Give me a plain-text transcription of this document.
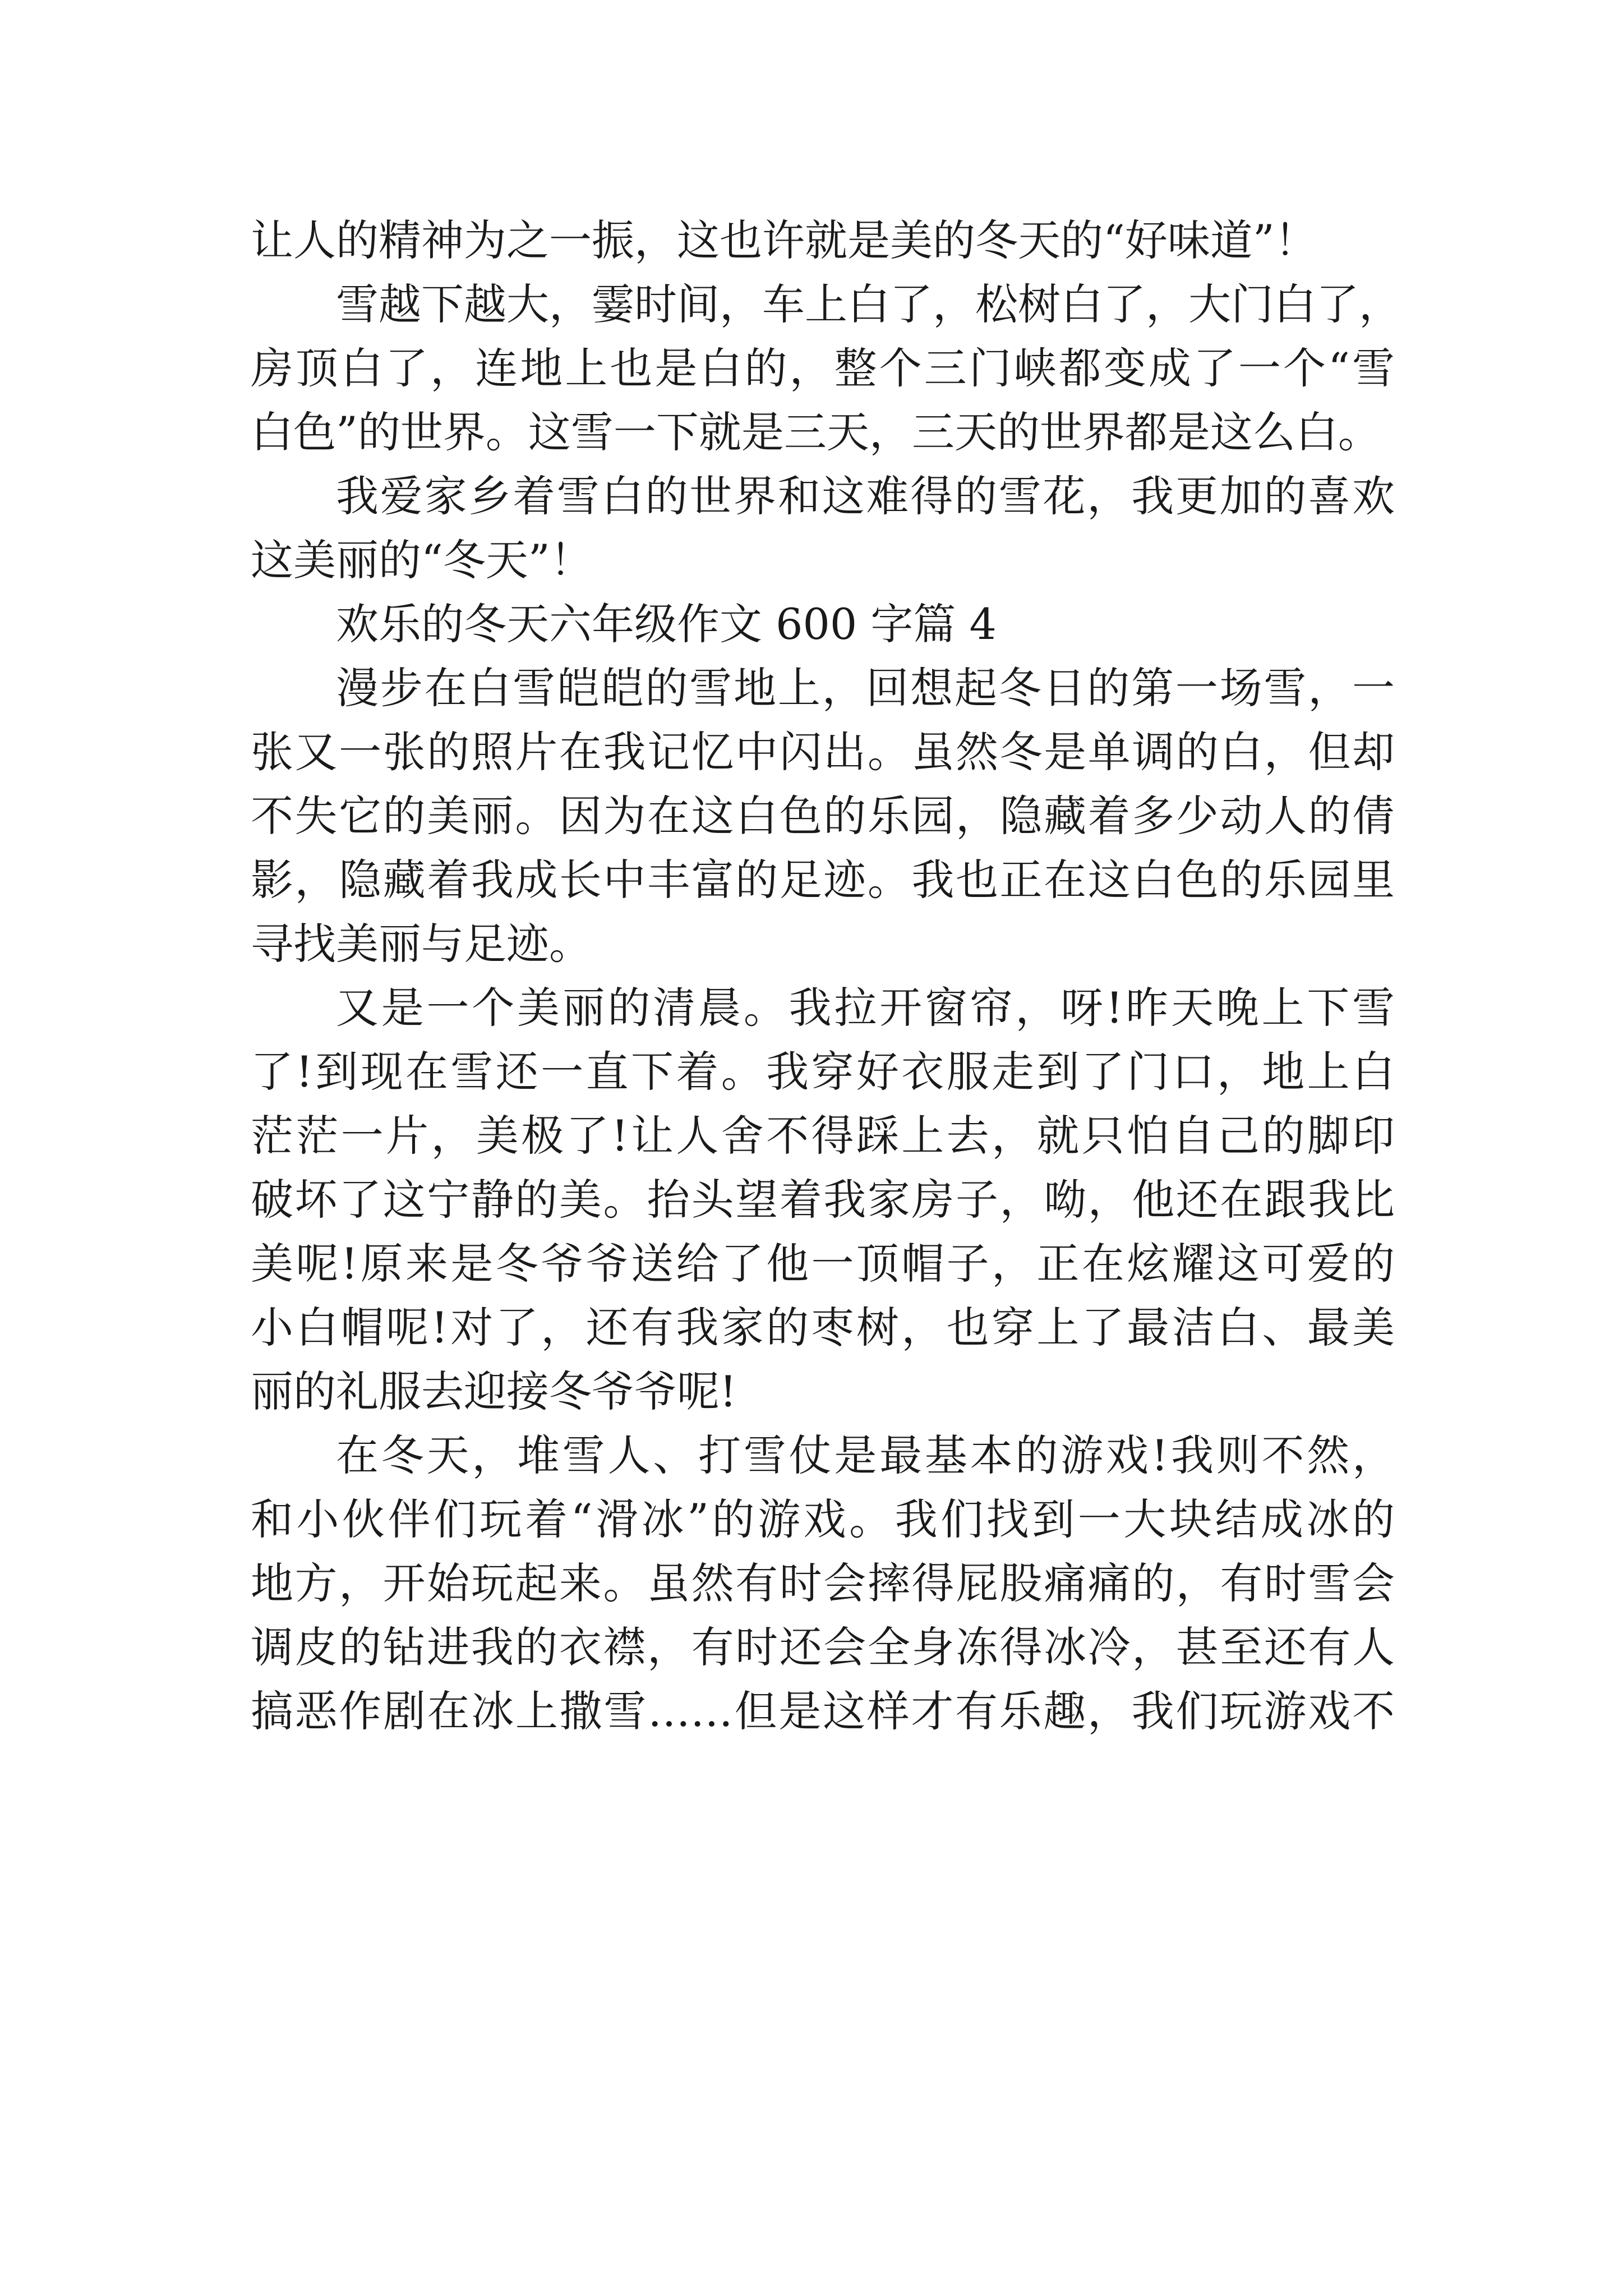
让人的精神为之一振，这也许就是美的冬天的“好味道”！
雪越下越大，霎时间，车上白了，松树白了，大门白了，
房顶白了，连地上也是白的，整个三门峡都变成了一个“雪
白色”的世界。这雪一下就是三天，三天的世界都是这么白。
我爱家乡着雪白的世界和这难得的雪花，我更加的喜欢
这美丽的“冬天”！
欢乐的冬天六年级作文 600 字篇 4
漫步在白雪皑皑的雪地上，回想起冬日的第一场雪，一
张又一张的照片在我记忆中闪出。虽然冬是单调的白，但却
不失它的美丽。因为在这白色的乐园，隐藏着多少动人的倩
影，隐藏着我成长中丰富的足迹。我也正在这白色的乐园里
寻找美丽与足迹。
又是一个美丽的清晨。我拉开窗帘，呀!昨天晚上下雪
了!到现在雪还一直下着。我穿好衣服走到了门口，地上白
茫茫一片，美极了!让人舍不得踩上去，就只怕自己的脚印
破坏了这宁静的美。抬头望着我家房子，呦，他还在跟我比
美呢!原来是冬爷爷送给了他一顶帽子，正在炫耀这可爱的
小白帽呢!对了，还有我家的枣树，也穿上了最洁白、最美
丽的礼服去迎接冬爷爷呢!
在冬天，堆雪人、打雪仗是最基本的游戏!我则不然，
和小伙伴们玩着“滑冰”的游戏。我们找到一大块结成冰的
地方，开始玩起来。虽然有时会摔得屁股痛痛的，有时雪会
调皮的钻进我的衣襟，有时还会全身冻得冰冷，甚至还有人
搞恶作剧在冰上撒雪……但是这样才有乐趣，我们玩游戏不
